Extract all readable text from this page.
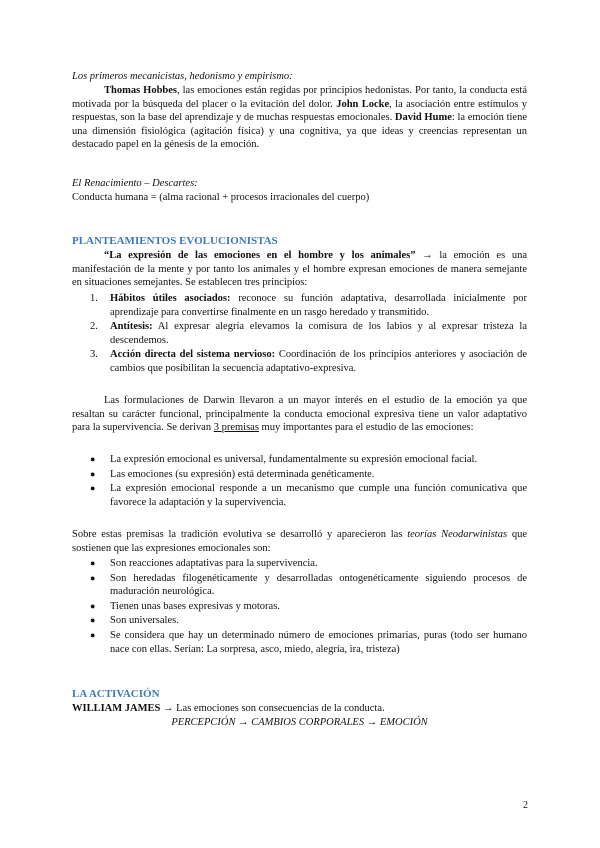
Los primeros mecanicistas, hedonismo y empirismo:
Thomas Hobbes, las emociones están regidas por principios hedonistas. Por tanto, la conducta está motivada por la búsqueda del placer o la evitación del dolor. John Locke, la asociación entre estímulos y respuestas, son la base del aprendizaje y de muchas respuestas emocionales. David Hume: la emoción tiene una dimensión fisiológica (agitación física) y una cognitiva, ya que ideas y creencias representan un destacado papel en la génesis de la emoción.
El Renacimiento – Descartes:
Conducta humana = (alma racional + procesos irracionales del cuerpo)
PLANTEAMIENTOS EVOLUCIONISTAS
“La expresión de las emociones en el hombre y los animales” → la emoción es una manifestación de la mente y por tanto los animales y el hombre expresan emociones de manera semejante en situaciones semejantes. Se establecen tres principios:
1. Hábitos útiles asociados: reconoce su función adaptativa, desarrollada inicialmente por aprendizaje para convertirse finalmente en un rasgo heredado y transmitido.
2. Antítesis: Al expresar alegría elevamos la comisura de los labios y al expresar tristeza la descendemos.
3. Acción directa del sistema nervioso: Coordinación de los principios anteriores y asociación de cambios que posibilitan la secuencia adaptativo-expresiva.
Las formulaciones de Darwin llevaron a un mayor interés en el estudio de la emoción ya que resaltan su carácter funcional, principalmente la conducta emocional expresiva tiene un valor adaptativo para la supervivencia. Se derivan 3 premisas muy importantes para el estudio de las emociones:
● La expresión emocional es universal, fundamentalmente su expresión emocional facial.
● Las emociones (su expresión) está determinada genéticamente.
● La expresión emocional responde a un mecanismo que cumple una función comunicativa que favorece la adaptación y la supervivencia.
Sobre estas premisas la tradición evolutiva se desarrolló y aparecieron las teorías Neodarwinistas que sostienen que las expresiones emocionales son:
● Son reacciones adaptativas para la supervivencia.
● Son heredadas filogenéticamente y desarrolladas ontogenéticamente siguiendo procesos de maduración neurológica.
● Tienen unas bases expresivas y motoras.
● Son universales.
● Se considera que hay un determinado número de emociones primarias, puras (todo ser humano nace con ellas. Serían: La sorpresa, asco, miedo, alegría, ira, tristeza)
LA ACTIVACIÓN
WILLIAM JAMES → Las emociones son consecuencias de la conducta.
PERCEPCIÓN → CAMBIOS CORPORALES → EMOCIÓN
2
